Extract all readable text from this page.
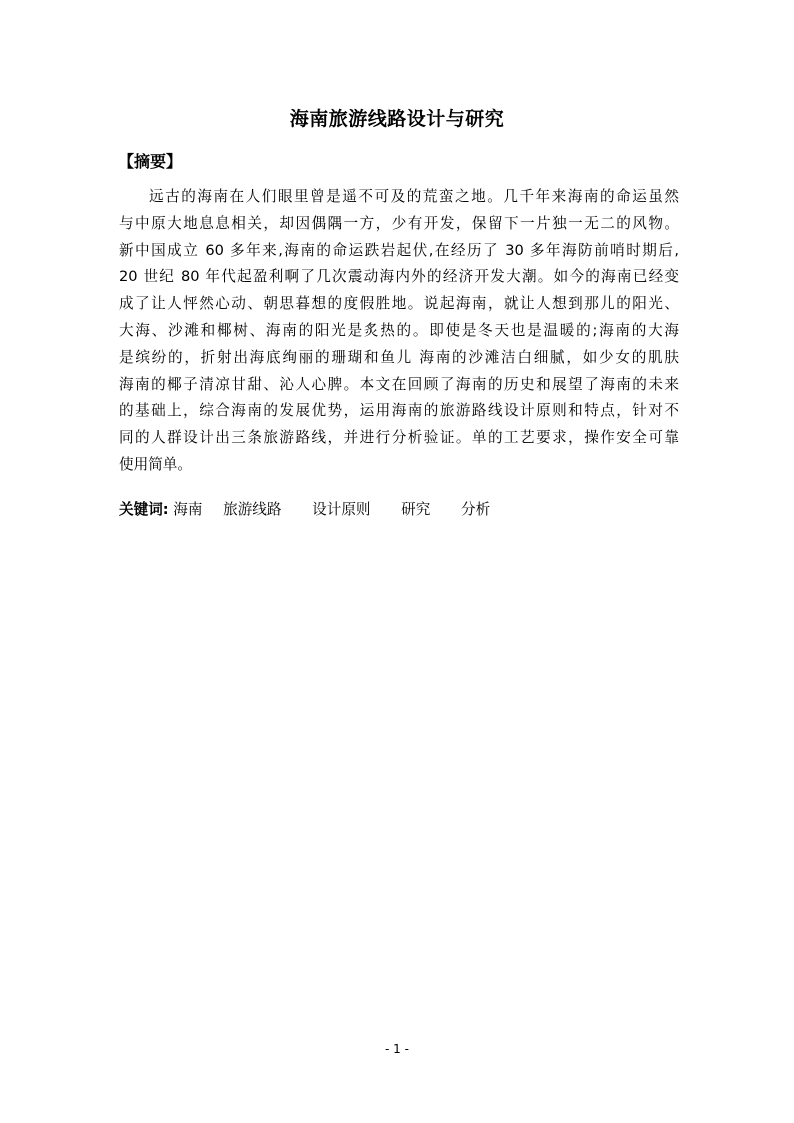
海南旅游线路设计与研究
【摘要】
远古的海南在人们眼里曾是遥不可及的荒蛮之地。几千年来海南的命运虽然
与中原大地息息相关，却因偶隅一方，少有开发，保留下一片独一无二的风物。
新中国成立 60 多年来,海南的命运跌岩起伏,在经历了 30 多年海防前哨时期后,
20 世纪 80 年代起盈利啊了几次震动海内外的经济开发大潮。如今的海南已经变
成了让人怦然心动、朝思暮想的度假胜地。说起海南，就让人想到那儿的阳光、
大海、沙滩和椰树、海南的阳光是炙热的。即使是冬天也是温暖的;海南的大海
是缤纷的，折射出海底绚丽的珊瑚和鱼儿 海南的沙滩洁白细腻，如少女的肌肤
海南的椰子清凉甘甜、沁人心脾。本文在回顾了海南的历史和展望了海南的未来
的基础上，综合海南的发展优势，运用海南的旅游路线设计原则和特点，针对不
同的人群设计出三条旅游路线，并进行分析验证。单的工艺要求，操作安全可靠
使用简单。
关键词: 海南 旅游线路 设计原则 研究 分析
- 1 -
